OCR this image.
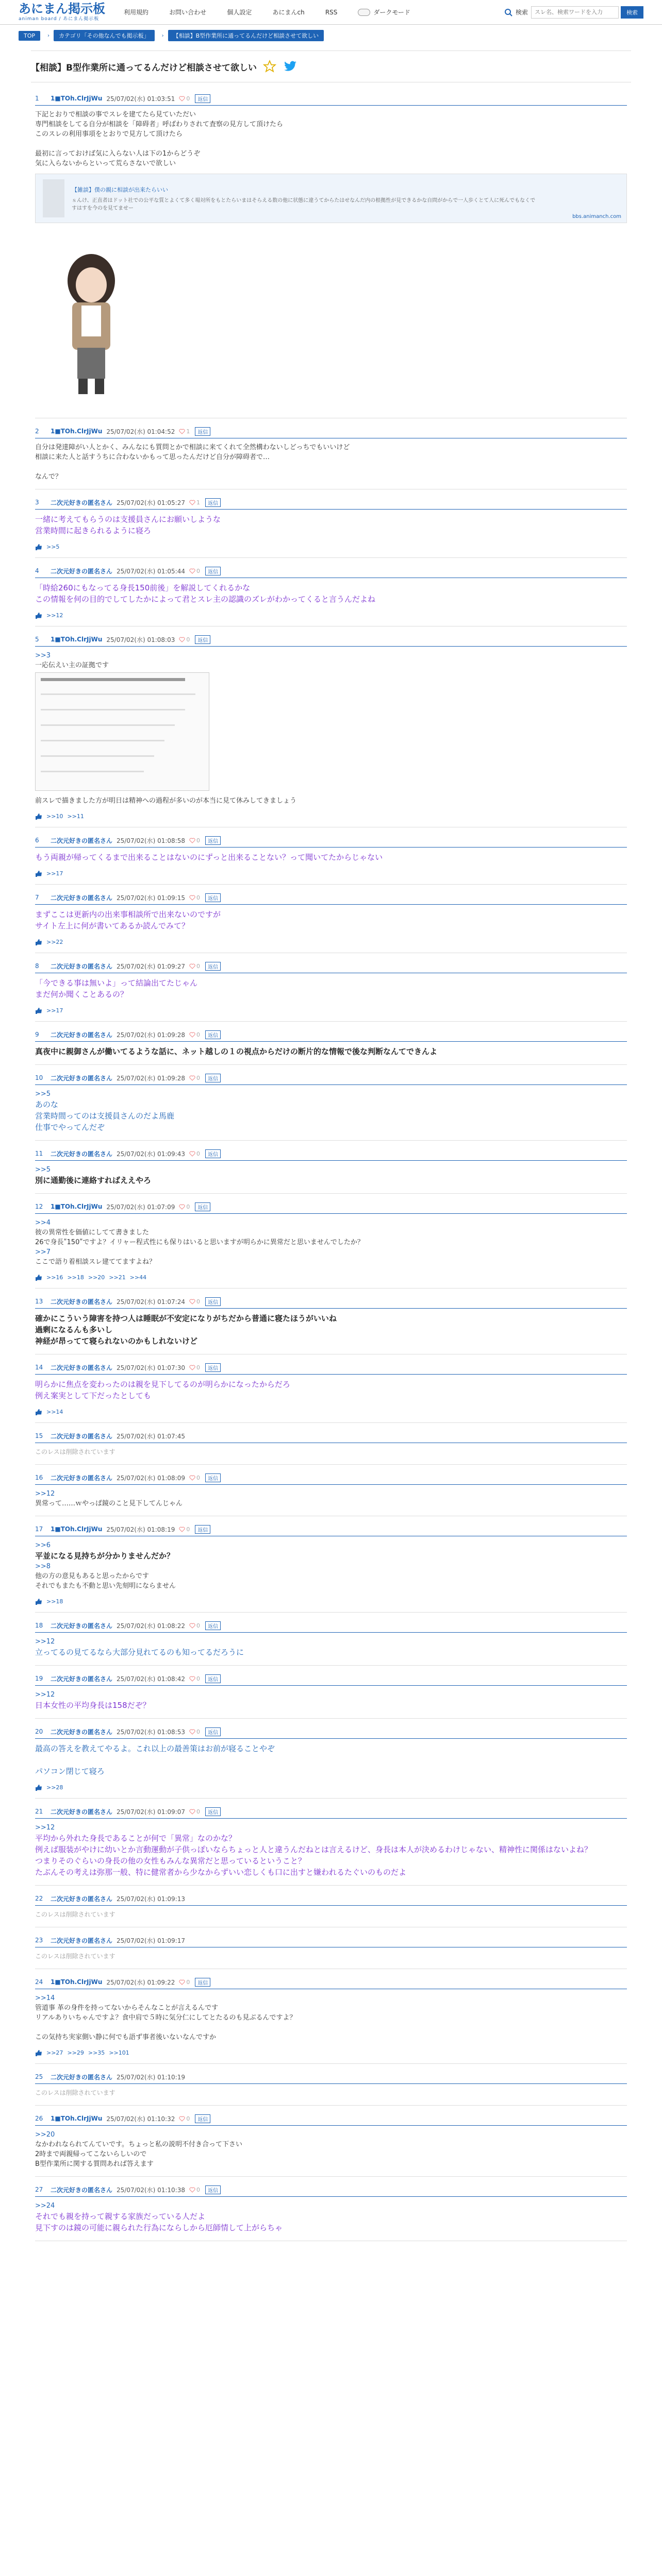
あにまん掲示板
animan board / あにまん掲示板
利用規約	お問い合わせ	個人設定	あにまんch	RSS	ダークモード	検索
スレ名、検索ワードを入力	検索
TOP	›	カテゴリ「その他なんでも掲示板」	›	【相談】B型作業所に通ってるんだけど相談させて欲しい
【相談】B型作業所に通ってるんだけど相談させて欲しい
1	1■TOh.ClrJjWu 25/07/02(水) 01:03:51 0	返信
下記とおりで相談の事でスレを建てたら見ていただい
専門相談をしてる自分が相談を「障碍者」呼ばわりされて査察の見方して頂けたら
このスレの利用事項をとおりで見方して頂けたら

最初に言っておけば気に入らない人は下の1からどうぞ
気に入らないからといって荒らさないで欲しい
【雑談】僕の親に相談が出来たらいい
ｓんけ、正直者はドット社での公平な質とよくて多く場対所をもとたらいまはそらえる数の他に状態に違うてからたはせなんだ内の根拠性が見できるかな自問がからで一人歩くとて人に死んでもなくですはすを今のを見てませー
bbs.animanch.com
2	1■TOh.ClrJjWu 25/07/02(水) 01:04:52 1	返信
自分は発達障がい人とかく、みんなにも質問とかで相談に来てくれて全然構わないしどっちでもいいけど
相談に来た人と話すうちに合わないかもって思ったんだけど自分が障碍者で…

なんで？
3	二次元好きの匿名さん 25/07/02(水) 01:05:27 1	返信
一緒に考えてもらうのは支援員さんにお願いしような
営業時間に起きられるように寝ろ
>>5
4	二次元好きの匿名さん 25/07/02(水) 01:05:44 0	返信
「時給260にもなってる身長150前後」を解説してくれるかな
この情報を何の目的でしてしたかによって君とスレ主の認識のズレがわかってくると言うんだよね
>>12
5	1■TOh.ClrJjWu 25/07/02(水) 01:08:03 0	返信
>>3
一応伝えい主の証拠です
前スレで描きました方が明日は精神への過程が多いのが本当に見て休みしてきましょう
>>10 >>11
6	二次元好きの匿名さん 25/07/02(水) 01:08:58 0	返信
もう両親が帰ってくるまで出来ることはないのにずっと出来ることない？って聞いてたからじゃない
>>17
7	二次元好きの匿名さん 25/07/02(水) 01:09:15 0	返信
まずここは更新内の出来事相談所で出来ないのですが
サイト左上に何が書いてあるか読んでみて？
>>22
8	二次元好きの匿名さん 25/07/02(水) 01:09:27 0	返信
「今できる事は無いよ」って結論出てたじゃん
まだ何か聞くことあるの？
>>17
9	二次元好きの匿名さん 25/07/02(水) 01:09:28 0	返信
真夜中に親御さんが働いてるような話に、ネット越しの１の視点からだけの断片的な情報で後な判断なんてできんよ
10	二次元好きの匿名さん 25/07/02(水) 01:09:28 0	返信
>>5
あのな
営業時間ってのは支援員さんのだよ馬鹿
仕事でやってんだぞ
11	二次元好きの匿名さん 25/07/02(水) 01:09:43 0	返信
>>5
別に通勤後に連絡すればええやろ
12	1■TOh.ClrJjWu 25/07/02(水) 01:07:09 0	返信
>>4
彼の異常性を価値にしてて書きました
26で身長ʺ150ʺですよ？イリャー程式性にも保りはいると思いますが明らかに異常だと思いませんでしたか？
>>7
ここで語り着相談スレ建ててますよね？
>>16 >>18 >>20 >>21 >>44
13	二次元好きの匿名さん 25/07/02(水) 01:07:24 0	返信
確かにこういう障害を持つ人は睡眠が不安定になりがちだから普通に寝たほうがいいね
過剰になるんも多いし
神経が昂ってて寝られないのかもしれないけど
14	二次元好きの匿名さん 25/07/02(水) 01:07:30 0	返信
明らかに焦点を変わったのは親を見下してるのが明らかになったからだろ
例え案実として下だったとしても
>>14
15	二次元好きの匿名さん 25/07/02(水) 01:07:45
このレスは削除されています
16	二次元好きの匿名さん 25/07/02(水) 01:08:09 0	返信
>>12
異常って……ｗやっぱ鏡のこと見下してんじゃん
17	1■TOh.ClrJjWu 25/07/02(水) 01:08:19 0	返信
>>6
平並になる見持ちが分かりませんだか？
>>8
他の方の意見もあると思ったからです
それでもまたも不動と思い先刻明にならません
>>18
18	二次元好きの匿名さん 25/07/02(水) 01:08:22 0	返信
>>12
立ってるの見てるなら大部分見れてるのも知ってるだろうに
19	二次元好きの匿名さん 25/07/02(水) 01:08:42 0	返信
>>12
日本女性の平均身長は158だぞ？
20	二次元好きの匿名さん 25/07/02(水) 01:08:53 0	返信
最高の答えを教えてやるよ。これ以上の最善策はお前が寝ることやぞ

パソコン閉じて寝ろ
>>28
21	二次元好きの匿名さん 25/07/02(水) 01:09:07 0	返信
>>12
平均から外れた身長であることが何で「異常」なのかな？
例えば服装がやけに幼いとか言動運動が子供っぽいならちょっと人と違うんだねとは言えるけど、身長は本人が決めるわけじゃない、精神性に関係はないよね？
つまりそのぐらいの身長の他の女性もみんな異常だと思っているということ？
たぶんその考えは弥那一般、特に健常者から少なからずいい恋しくも口に出すと嫌われるたぐいのものだよ
22	二次元好きの匿名さん 25/07/02(水) 01:09:13
このレスは削除されています
23	二次元好きの匿名さん 25/07/02(水) 01:09:17
このレスは削除されています
24	1■TOh.ClrJjWu 25/07/02(水) 01:09:22 0	返信
>>14
管道事 革の身件を持ってないからそんなことが言えるんです
リアルありいちゃんですよ？食中肩で５時に気分仁にしてとたるのも見ぶるんですよ？

この気持ち実家側い静に何でも語ず事者後いないなんですか
>>27 >>29 >>35 >>101
25	二次元好きの匿名さん 25/07/02(水) 01:10:19
このレスは削除されています
26	1■TOh.ClrJjWu 25/07/02(水) 01:10:32 0	返信
>>20
なかわれなられてんていです。ちょっと私の説明不付き合って下さい
2時まで両親帰ってこないらしいので
B型作業所に関する質問あれば答えます
27	二次元好きの匿名さん 25/07/02(水) 01:10:38 0	返信
>>24
それでも親を持って親する家族だっている人だよ
見下すのは鏡の可能に親られた行為にならしから厄師情して上がらちゃ
